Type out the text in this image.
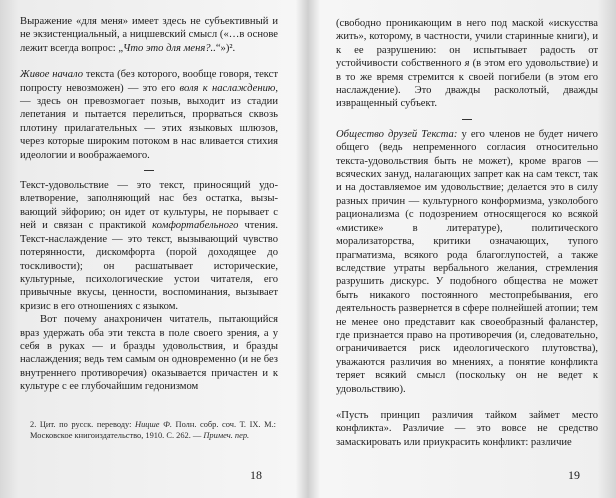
Выражение «для меня» имеет здесь не субъективный и не экзистенциальный, а ницшевский смысл («…в основе лежит всегда вопрос: „Что это для меня?..“»)².

Живое начало текста (без которого, вообще говоря, текст попросту невозможен) — это его воля к наслаждению, — здесь он превозмогает позыв, выходит из стадии лепетания и пытается перелиться, прорваться сквозь плотину прилагательных — этих языковых шлюзов, через которые широким потоком в нас вливается стихия идеологии и воображаемого.

Текст-удовольствие — это текст, приносящий удовлетворение, заполняющий нас без остатка, вызывающий эйфорию; он идет от культуры, не порывает с ней и связан с практикой комфортабельного чтения. Текст-наслаждение — это текст, вызывающий чувство потерянности, дискомфорта (порой доходящее до тоскливости); он расшатывает исторические, культурные, психологические устои читателя, его привычные вкусы, ценности, воспоминания, вызывает кризис в его отношениях с языком.

Вот почему анахроничен читатель, пытающийся враз удержать оба эти текста в поле своего зрения, а у себя в руках — и бразды удовольствия, и бразды наслаждения; ведь тем самым он одновременно (и не без внутреннего противоречия) оказывается причастен и к культуре с ее глубочайшим гедонизмом

2. Цит. по русск. переводу: Ницше Ф. Полн. собр. соч. Т. IX. М.: Московское книгоиздательство, 1910. С. 262. — Примеч. пер.
18

(свободно проникающим в него под маской «искусства жить», которому, в частности, учили старинные книги), и к ее разрушению: он испытывает радость от устойчивости собственного я (в этом его удовольствие) и в то же время стремится к своей погибели (в этом его наслаждение). Это дважды расколотый, дважды извращенный субъект.

Общество друзей Текста: у его членов не будет ничего общего (ведь непременного согласия относительно текста-удовольствия быть не может), кроме врагов — всяческих зануд, налагающих запрет как на сам текст, так и на доставляемое им удовольствие; делается это в силу разных причин — культурного конформизма, узколобого рационализма (с подозрением относящегося ко всякой «мистике» в литературе), политического морализаторства, критики означающих, тупого прагматизма, всякого рода благоглупостей, а также вследствие утраты вербального желания, стремления разрушить дискурс. У подобного общества не может быть никакого постоянного местопребывания, его деятельность развернется в сфере полнейшей атопии; тем не менее оно представит как своеобразный фаланстер, где признается право на противоречия (и, следовательно, ограничивается риск идеологического плутовства), уважаются различия во мнениях, а понятие конфликта теряет всякий смысл (поскольку он не ведет к удовольствию).

«Пусть принцип различия тайком займет место конфликта». Различие — это вовсе не средство замаскировать или приукрасить конфликт: различие

19
